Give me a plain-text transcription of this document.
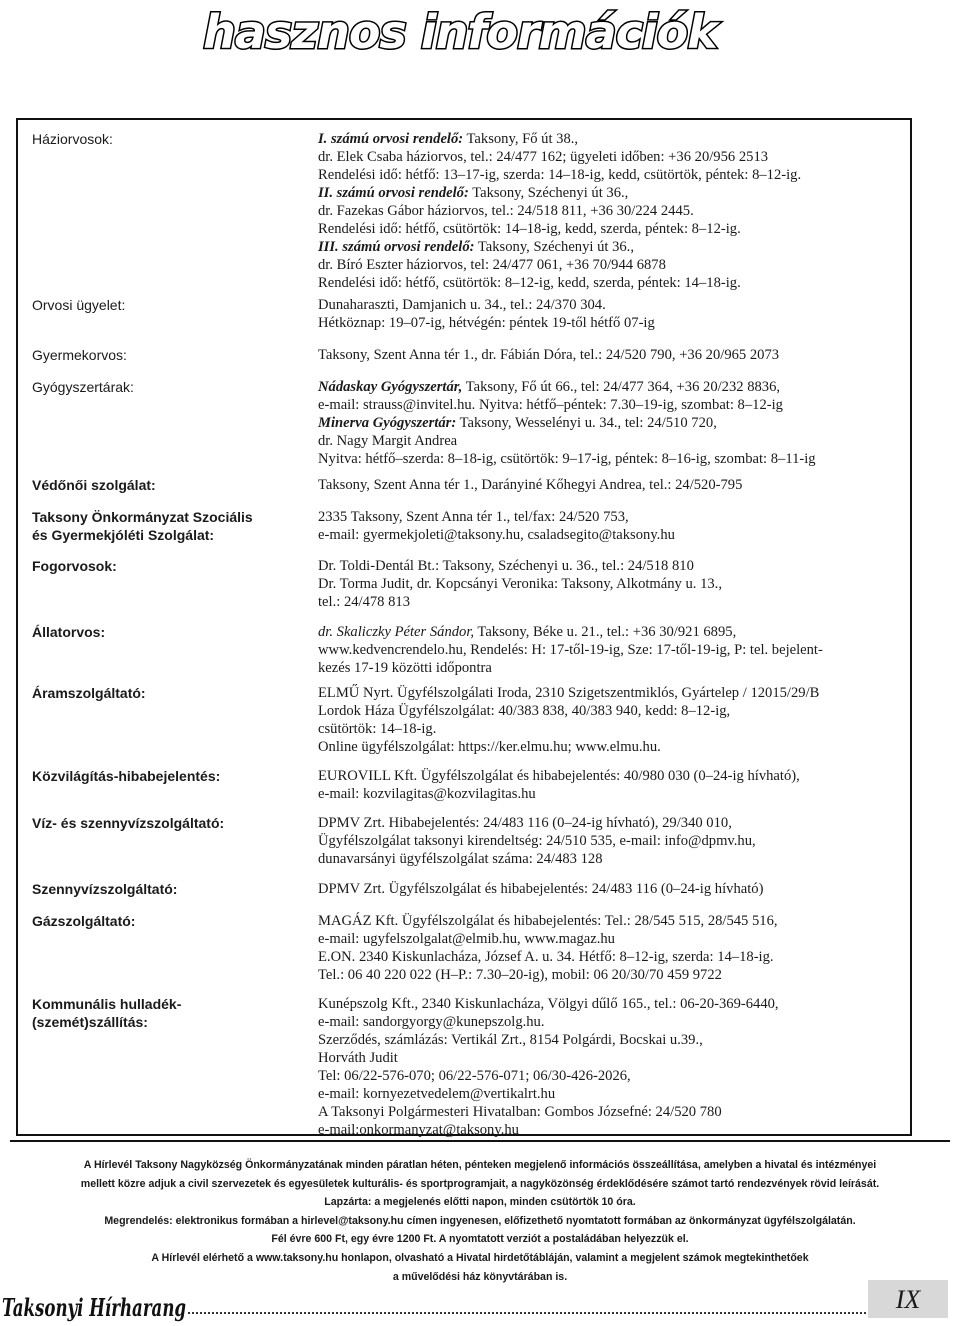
hasznos információk
Háziorvosok:	I. számú orvosi rendelő: Taksony, Fő út 38.,
dr. Elek Csaba háziorvos, tel.: 24/477 162; ügyeleti időben: +36 20/956 2513
Rendelési idő: hétfő: 13–17-ig, szerda: 14–18-ig, kedd, csütörtök, péntek: 8–12-ig.
II. számú orvosi rendelő: Taksony, Széchenyi út 36.,
dr. Fazekas Gábor háziorvos, tel.: 24/518 811, +36 30/224 2445.
Rendelési idő: hétfő, csütörtök: 14–18-ig, kedd, szerda, péntek: 8–12-ig.
III. számú orvosi rendelő: Taksony, Széchenyi út 36.,
dr. Bíró Eszter háziorvos, tel: 24/477 061, +36 70/944 6878
Rendelési idő: hétfő, csütörtök: 8–12-ig, kedd, szerda, péntek: 14–18-ig.
Orvosi ügyelet:	Dunaharaszti, Damjanich u. 34., tel.: 24/370 304.
Hétköznap: 19–07-ig, hétvégén: péntek 19-től hétfő 07-ig
Gyermekorvos:	Taksony, Szent Anna tér 1., dr. Fábián Dóra, tel.: 24/520 790, +36 20/965 2073
Gyógyszertárak:	Nádaskay Gyógyszertár, Taksony, Fő út 66., tel: 24/477 364, +36 20/232 8836,
e-mail: strauss@invitel.hu. Nyitva: hétfő–péntek: 7.30–19-ig, szombat: 8–12-ig
Minerva Gyógyszertár: Taksony, Wesselényi u. 34., tel: 24/510 720,
dr. Nagy Margit Andrea
Nyitva: hétfő–szerda: 8–18-ig, csütörtök: 9–17-ig, péntek: 8–16-ig, szombat: 8–11-ig
Védőnői szolgálat:	Taksony, Szent Anna tér 1., Darányiné Kőhegyi Andrea, tel.: 24/520-795
Taksony Önkormányzat Szociális
és Gyermekjóléti Szolgálat:
2335 Taksony, Szent Anna tér 1., tel/fax: 24/520 753,
e-mail: gyermekjoleti@taksony.hu, csaladsegito@taksony.hu
Fogorvosok:	Dr. Toldi-Dentál Bt.: Taksony, Széchenyi u. 36., tel.: 24/518 810
Dr. Torma Judit, dr. Kopcsányi Veronika: Taksony, Alkotmány u. 13.,
tel.: 24/478 813
Állatorvos:	dr. Skaliczky Péter Sándor, Taksony, Béke u. 21., tel.: +36 30/921 6895,
www.kedvencrendelo.hu, Rendelés: H: 17-től-19-ig, Sze: 17-től-19-ig, P: tel. bejelent-
kezés 17-19 közötti időpontra
Áramszolgáltató:	ELMŰ Nyrt. Ügyfélszolgálati Iroda, 2310 Szigetszentmiklós, Gyártelep / 12015/29/B
Lordok Háza Ügyfélszolgálat: 40/383 838, 40/383 940, kedd: 8–12-ig,
csütörtök: 14–18-ig.
Online ügyfélszolgálat: https://ker.elmu.hu; www.elmu.hu.
Közvilágítás-hibabejelentés:	EUROVILL Kft. Ügyfélszolgálat és hibabejelentés: 40/980 030 (0–24-ig hívható),
e-mail: kozvilagitas@kozvilagitas.hu
Víz- és szennyvízszolgáltató:	DPMV Zrt. Hibabejelentés: 24/483 116 (0–24-ig hívható), 29/340 010,
Ügyfélszolgálat taksonyi kirendeltség: 24/510 535, e-mail: info@dpmv.hu,
dunavarsányi ügyfélszolgálat száma: 24/483 128
Szennyvízszolgáltató:	DPMV Zrt. Ügyfélszolgálat és hibabejelentés: 24/483 116 (0–24-ig hívható)
Gázszolgáltató:	MAGÁZ Kft. Ügyfélszolgálat és hibabejelentés: Tel.: 28/545 515, 28/545 516,
e-mail: ugyfelszolgalat@elmib.hu, www.magaz.hu
E.ON. 2340 Kiskunlacháza, József A. u. 34. Hétfő: 8–12-ig, szerda: 14–18-ig.
Tel.: 06 40 220 022 (H–P.: 7.30–20-ig), mobil: 06 20/30/70 459 9722
Kommunális hulladék-
(szemét)szállítás:
Kunépszolg Kft., 2340 Kiskunlacháza, Völgyi dűlő 165., tel.: 06-20-369-6440,
e-mail: sandorgyorgy@kunepszolg.hu.
Szerződés, számlázás: Vertikál Zrt., 8154 Polgárdi, Bocskai u.39.,
Horváth Judit
Tel: 06/22-576-070; 06/22-576-071; 06/30-426-2026,
e-mail: kornyezetvedelem@vertikalrt.hu
A Taksonyi Polgármesteri Hivatalban: Gombos Józsefné: 24/520 780
e-mail:onkormanyzat@taksony.hu
A Hírlevél Taksony Nagyközség Önkormányzatának minden páratlan héten, pénteken megjelenő információs összeállítása, amelyben a hivatal és intézményei
mellett közre adjuk a civil szervezetek és egyesületek kulturális- és sportprogramjait, a nagyközönség érdeklődésére számot tartó rendezvények rövid leírását.
Lapzárta: a megjelenés előtti napon, minden csütörtök 10 óra.
Megrendelés: elektronikus formában a hirlevel@taksony.hu címen ingyenesen, előfizethető nyomtatott formában az önkormányzat ügyfélszolgálatán.
Fél évre 600 Ft, egy évre 1200 Ft. A nyomtatott verziót a postaládában helyezzük el.
A Hírlevél elérhető a www.taksony.hu honlapon, olvasható a Hivatal hirdetőtábláján, valamint a megjelent számok megtekinthetőek
a művelődési ház könyvtárában is.
Taksonyi Hírharang	IX
